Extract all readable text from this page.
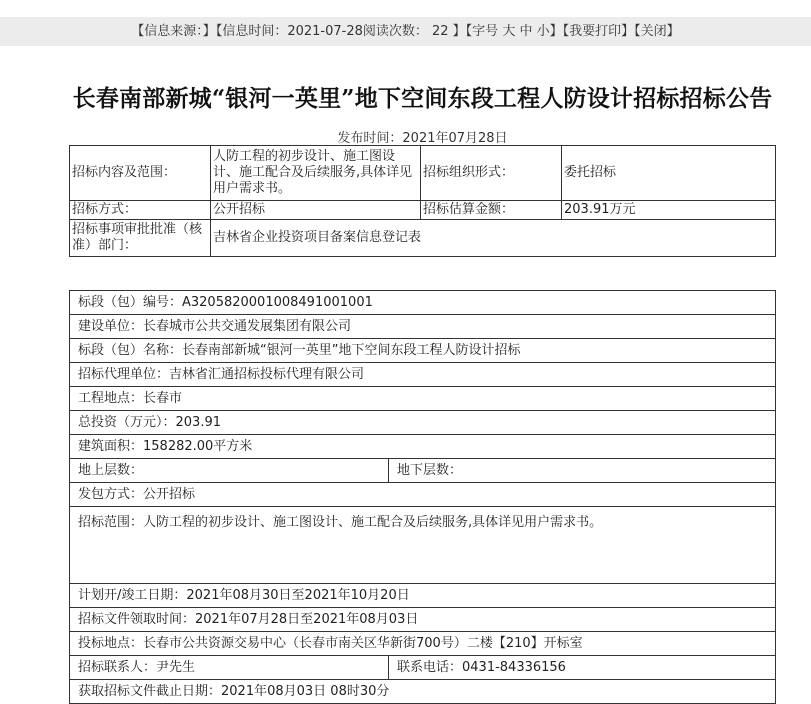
【信息来源：】【信息时间：2021-07-28阅读次数： 22 】【字号 大 中 小】【我要打印】【关闭】
长春南部新城“银河一英里”地下空间东段工程人防设计招标招标公告
发布时间：2021年07月28日
招标内容及范围：	人防工程的初步设计、施工图设计、施工配合及后续服务,具体详见用户需求书。	招标组织形式：	委托招标
招标方式：	公开招标	招标估算金额：	203.91万元
招标事项审批批准（核准）部门：	吉林省企业投资项目备案信息登记表		
标段（包）编号：A3205820001008491001001	
建设单位：长春城市公共交通发展集团有限公司	
标段（包）名称：长春南部新城“银河一英里”地下空间东段工程人防设计招标	
招标代理单位：吉林省汇通招标投标代理有限公司	
工程地点：长春市	
总投资（万元）：203.91	
建筑面积：158282.00平方米	
地上层数：	地下层数：
发包方式：公开招标	
招标范围：人防工程的初步设计、施工图设计、施工配合及后续服务,具体详见用户需求书。	
计划开/竣工日期：2021年08月30日至2021年10月20日	
招标文件领取时间：2021年07月28日至2021年08月03日	
投标地点：长春市公共资源交易中心（长春市南关区华新街700号）二楼【210】开标室	
招标联系人：尹先生	联系电话：0431-84336156
获取招标文件截止日期：2021年08月03日 08时30分	
